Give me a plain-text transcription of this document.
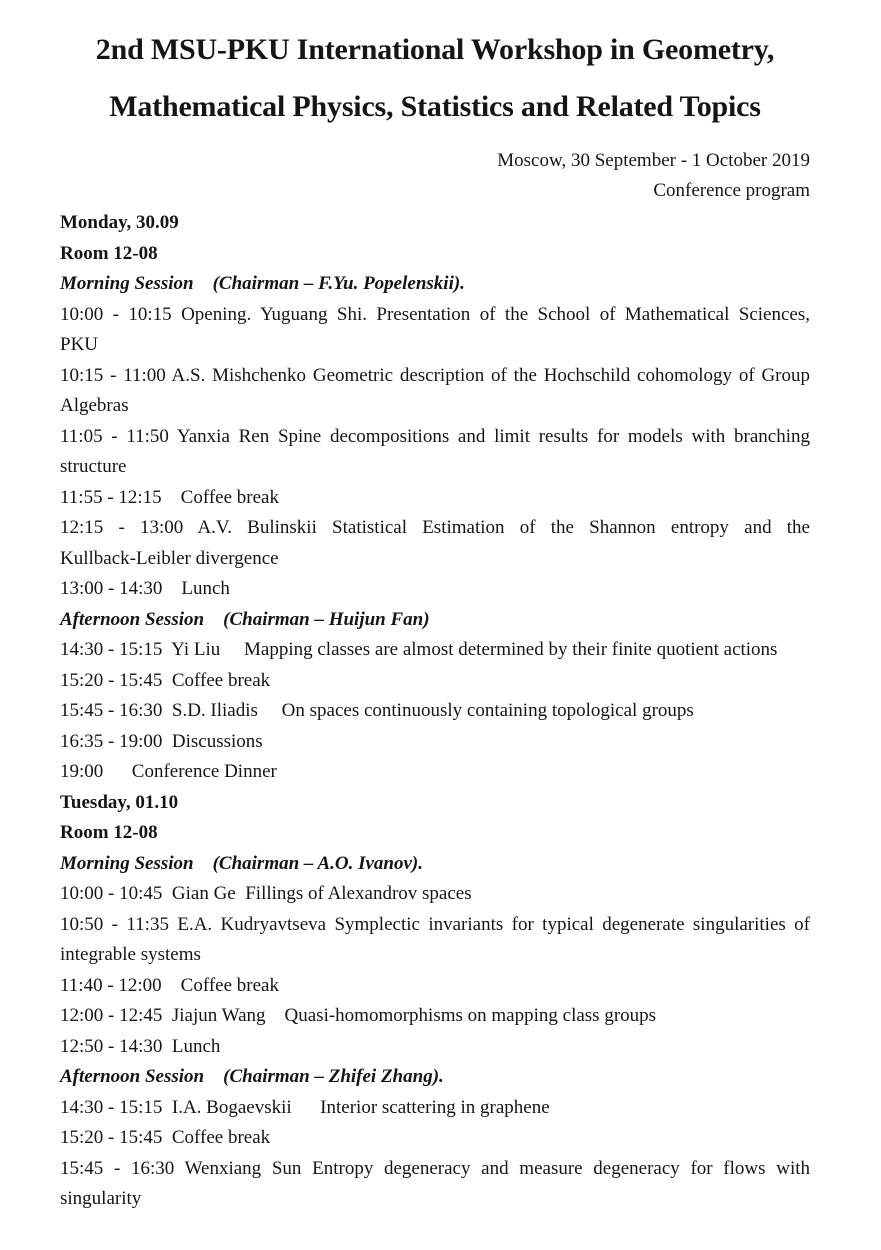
2nd MSU-PKU International Workshop in Geometry,
Mathematical Physics, Statistics and Related Topics
Moscow, 30 September - 1 October 2019
Conference program
Monday, 30.09
Room 12-08
Morning Session    (Chairman – F.Yu. Popelenskii).
10:00 - 10:15 Opening. Yuguang Shi. Presentation of the School of Mathematical Sciences,
PKU
10:15 - 11:00 A.S. Mishchenko Geometric description of the Hochschild cohomology of Group
Algebras
11:05 - 11:50 Yanxia Ren Spine decompositions and limit results for models with branching
structure
11:55 - 12:15    Coffee break
12:15 - 13:00 A.V. Bulinskii Statistical Estimation of the Shannon entropy and the
Kullback-Leibler divergence
13:00 - 14:30    Lunch
Afternoon Session    (Chairman – Huijun Fan)
14:30 - 15:15  Yi Liu     Mapping classes are almost determined by their finite quotient actions
15:20 - 15:45  Coffee break
15:45 - 16:30  S.D. Iliadis     On spaces continuously containing topological groups
16:35 - 19:00  Discussions
19:00      Conference Dinner
Tuesday, 01.10
Room 12-08
Morning Session    (Chairman – A.O. Ivanov).
10:00 - 10:45  Gian Ge  Fillings of Alexandrov spaces
10:50 - 11:35 E.A. Kudryavtseva Symplectic invariants for typical degenerate singularities of
integrable systems
11:40 - 12:00    Coffee break
12:00 - 12:45  Jiajun Wang    Quasi-homomorphisms on mapping class groups
12:50 - 14:30  Lunch
Afternoon Session    (Chairman – Zhifei Zhang).
14:30 - 15:15  I.A. Bogaevskii      Interior scattering in graphene
15:20 - 15:45  Coffee break
15:45 - 16:30 Wenxiang Sun Entropy degeneracy and measure degeneracy for flows with
singularity
